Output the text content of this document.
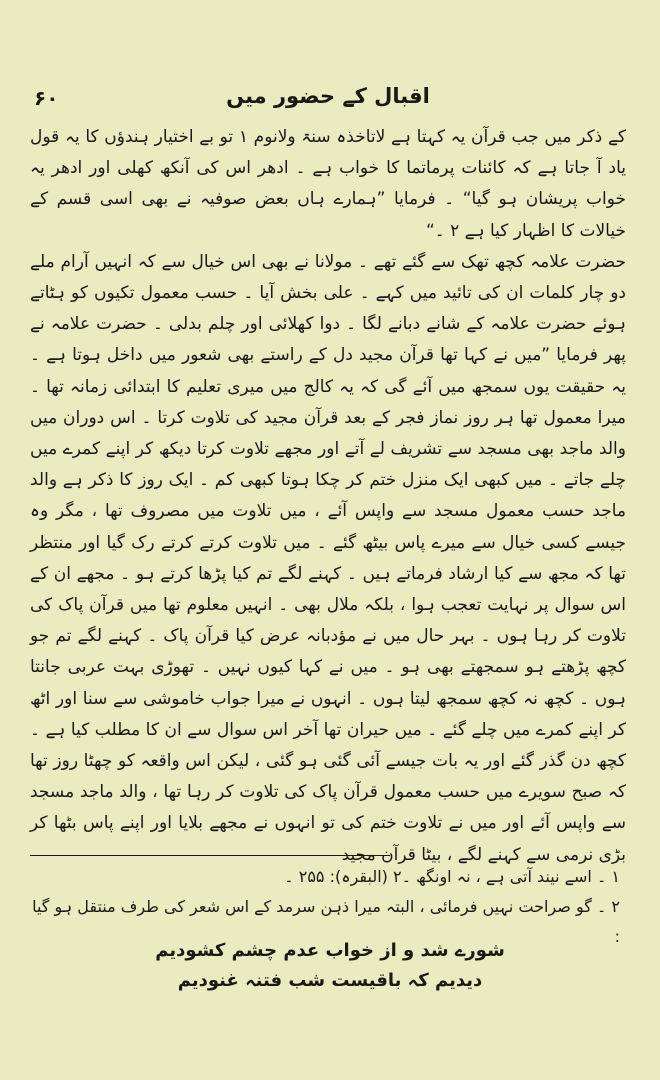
اقبال کے حضور میں
۶۰

کے ذکر میں جب قرآن یہ کہتا ہے لاتاخذہ سنۃ ولانوم ۱ تو بے اختیار ہندؤں کا یہ قول یاد آ جاتا ہے کہ کائنات پرماتما کا خواب ہے ۔ ادھر اس کی آنکھ کھلی اور ادھر یہ خواب پریشان ہو گیا“ ۔ فرمایا ”ہمارے ہاں بعض صوفیہ نے بھی اسی قسم کے خیالات کا اظہار کیا ہے ۲ ۔“

حضرت علامہ کچھ تھک سے گئے تھے ۔ مولانا نے بھی اس خیال سے کہ انہیں آرام ملے دو چار کلمات ان کی تائید میں کہے ۔ علی بخش آیا ۔ حسب معمول تکیوں کو ہٹاتے ہوئے حضرت علامہ کے شانے دبانے لگا ۔ دوا کھلائی اور چلم بدلی ۔ حضرت علامہ نے پھر فرمایا ”میں نے کہا تھا قرآن مجید دل کے راستے بھی شعور میں داخل ہوتا ہے ۔ یہ حقیقت یوں سمجھ میں آئے گی کہ یہ کالج میں میری تعلیم کا ابتدائی زمانہ تھا ۔ میرا معمول تھا ہر روز نماز فجر کے بعد قرآن مجید کی تلاوت کرتا ۔ اس دوران میں والد ماجد بھی مسجد سے تشریف لے آتے اور مجھے تلاوت کرتا دیکھ کر اپنے کمرے میں چلے جاتے ۔ میں کبھی ایک منزل ختم کر چکا ہوتا کبھی کم ۔ ایک روز کا ذکر ہے والد ماجد حسب معمول مسجد سے واپس آئے ، میں تلاوت میں مصروف تھا ، مگر وہ جیسے کسی خیال سے میرے پاس بیٹھ گئے ۔ میں تلاوت کرتے کرتے رک گیا اور منتظر تھا کہ مجھ سے کیا ارشاد فرماتے ہیں ۔ کہنے لگے تم کیا پڑھا کرتے ہو ۔ مجھے ان کے اس سوال پر نہایت تعجب ہوا ، بلکہ ملال بھی ۔ انہیں معلوم تھا میں قرآن پاک کی تلاوت کر رہا ہوں ۔ بہر حال میں نے مؤدبانہ عرض کیا قرآن پاک ۔ کہنے لگے تم جو کچھ پڑھتے ہو سمجھتے بھی ہو ۔ میں نے کہا کیوں نہیں ۔ تھوڑی بہت عربی جانتا ہوں ۔ کچھ نہ کچھ سمجھ لیتا ہوں ۔ انہوں نے میرا جواب خاموشی سے سنا اور اٹھ کر اپنے کمرے میں چلے گئے ۔ میں حیران تھا آخر اس سوال سے ان کا مطلب کیا ہے ۔ کچھ دن گذر گئے اور یہ بات جیسے آئی گئی ہو گئی ، لیکن اس واقعہ کو چھٹا روز تھا کہ صبح سویرے میں حسب معمول قرآن پاک کی تلاوت کر رہا تھا ، والد ماجد مسجد سے واپس آئے اور میں نے تلاوت ختم کی تو انہوں نے مجھے بلایا اور اپنے پاس بٹھا کر بڑی نرمی سے کہنے لگے ، بیٹا قرآن مجید

۱ ۔ اسے نیند آتی ہے ، نہ اونگھ ۔۲ (البقرہ): ۲۵۵ ۔

۲ ۔ گو صراحت نہیں فرمائی ، البتہ میرا ذہن سرمد کے اس شعر کی طرف منتقل ہو گیا :

شورے شد و از خواب عدم چشم کشودیم

دیدیم کہ باقیست شب فتنہ غنودیم
